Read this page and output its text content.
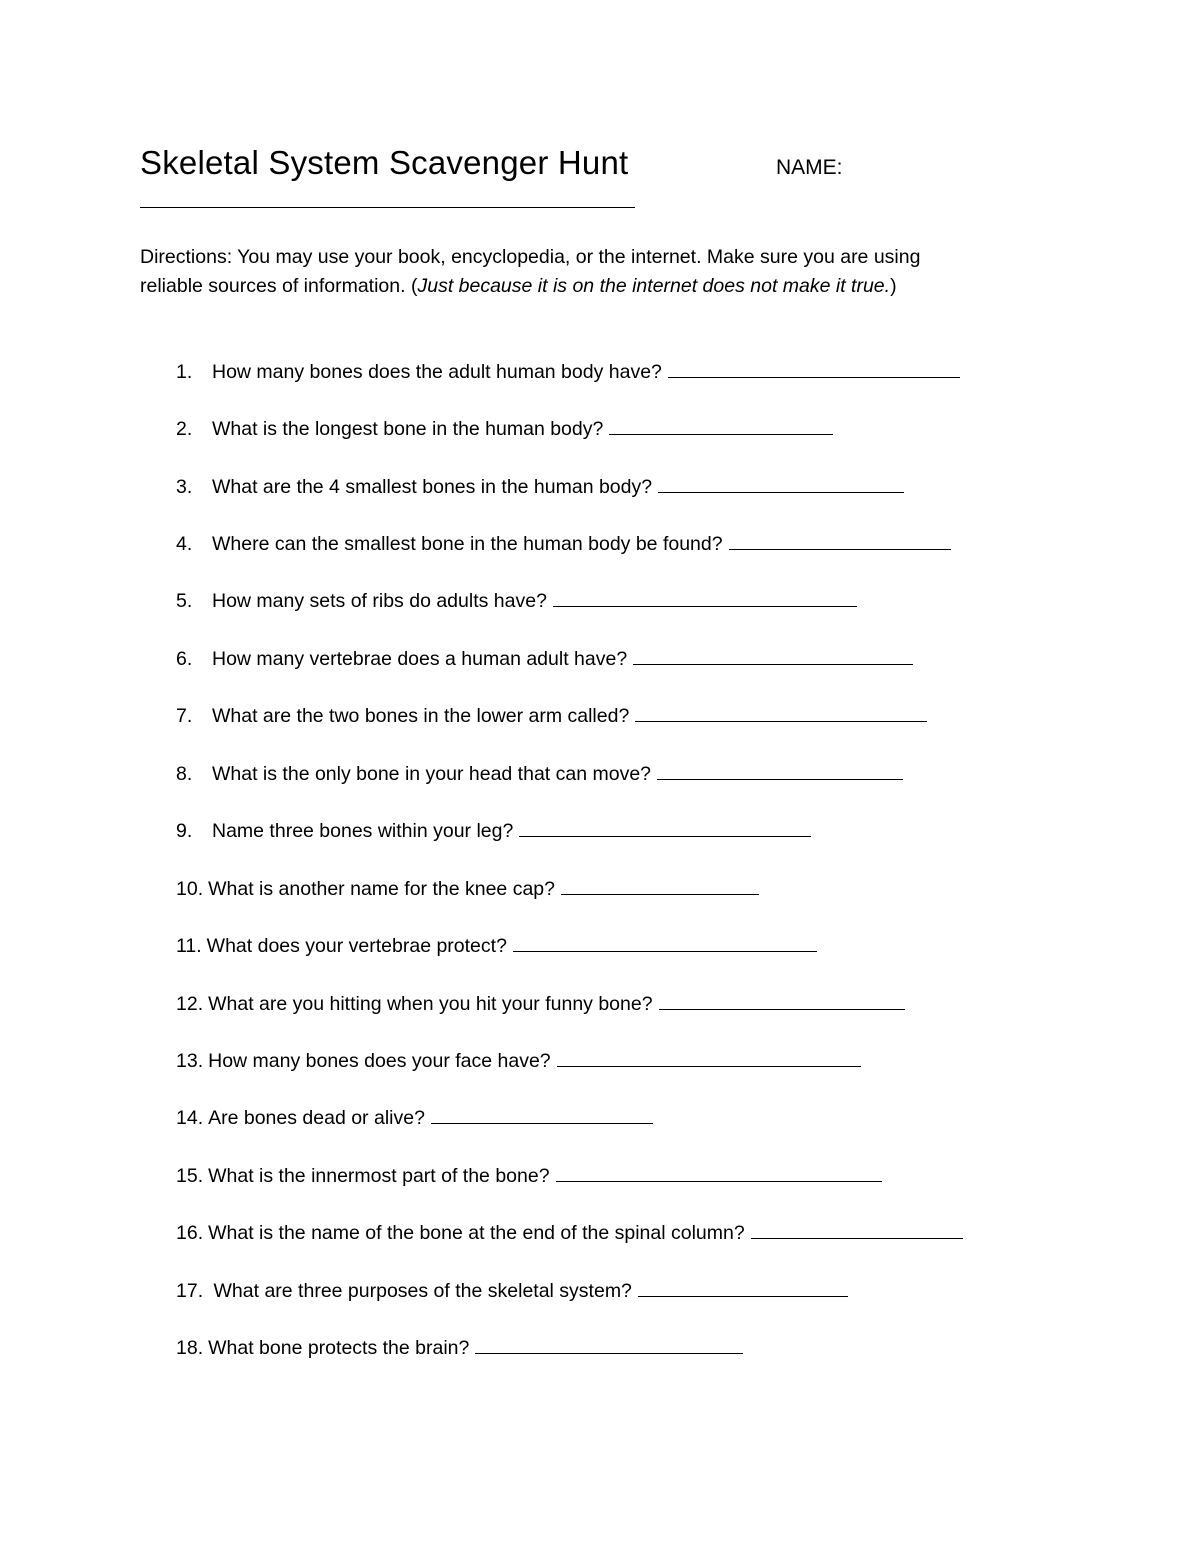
Skeletal System Scavenger Hunt	NAME:
Directions: You may use your book, encyclopedia, or the internet. Make sure you are using
reliable sources of information. (Just because it is on the internet does not make it true.)
1. How many bones does the adult human body have?
2. What is the longest bone in the human body?
3. What are the 4 smallest bones in the human body?
4. Where can the smallest bone in the human body be found?
5. How many sets of ribs do adults have?
6. How many vertebrae does a human adult have?
7. What are the two bones in the lower arm called?
8. What is the only bone in your head that can move?
9. Name three bones within your leg?
10. What is another name for the knee cap?
11. What does your vertebrae protect?
12. What are you hitting when you hit your funny bone?
13. How many bones does your face have?
14. Are bones dead or alive?
15. What is the innermost part of the bone?
16. What is the name of the bone at the end of the spinal column?
17. What are three purposes of the skeletal system?
18. What bone protects the brain?
